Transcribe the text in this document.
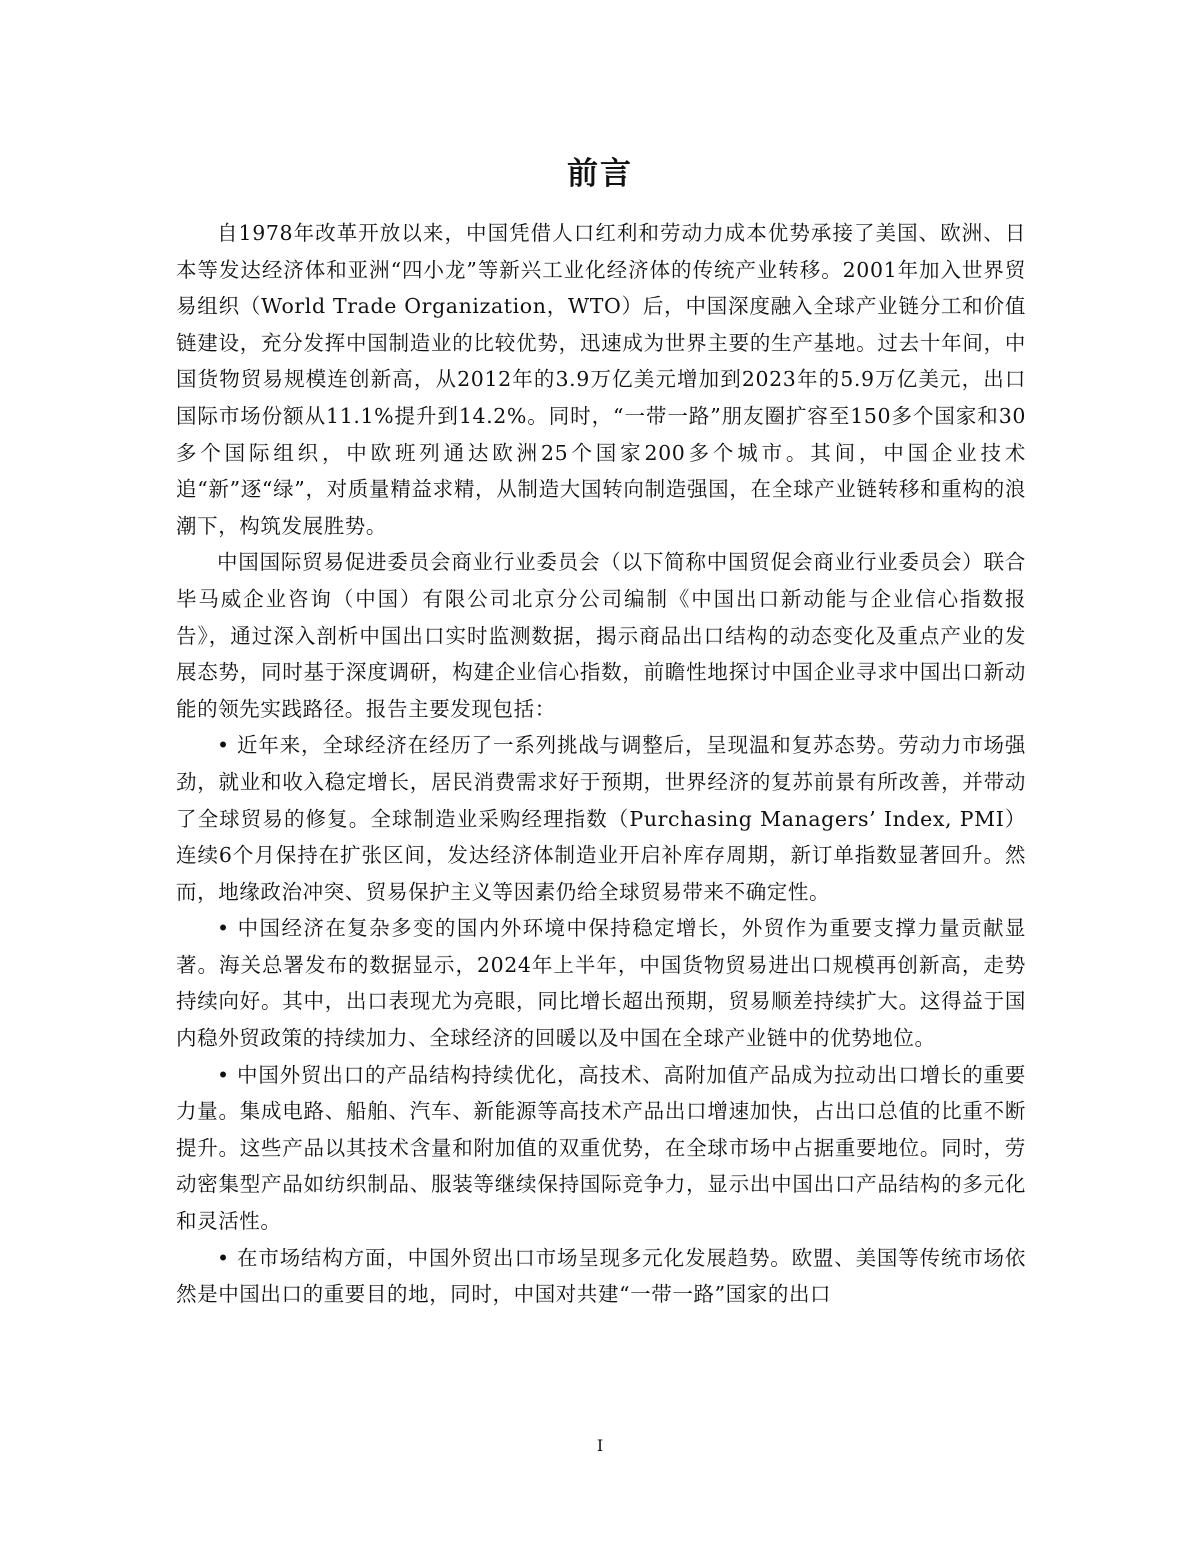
前言

自1978年改革开放以来，中国凭借人口红利和劳动力成本优势承接了美国、欧洲、日本等发达经济体和亚洲“四小龙”等新兴工业化经济体的传统产业转移。2001年加入世界贸易组织（World Trade Organization，WTO）后，中国深度融入全球产业链分工和价值链建设，充分发挥中国制造业的比较优势，迅速成为世界主要的生产基地。过去十年间，中国货物贸易规模连创新高，从2012年的3.9万亿美元增加到2023年的5.9万亿美元，出口国际市场份额从11.1%提升到14.2%。同时，“一带一路”朋友圈扩容至150多个国家和30多个国际组织，中欧班列通达欧洲25个国家200多个城市。其间，中国企业技术追“新”逐“绿”，对质量精益求精，从制造大国转向制造强国，在全球产业链转移和重构的浪潮下，构筑发展胜势。

中国国际贸易促进委员会商业行业委员会（以下简称中国贸促会商业行业委员会）联合毕马威企业咨询（中国）有限公司北京分公司编制《中国出口新动能与企业信心指数报告》，通过深入剖析中国出口实时监测数据，揭示商品出口结构的动态变化及重点产业的发展态势，同时基于深度调研，构建企业信心指数，前瞻性地探讨中国企业寻求中国出口新动能的领先实践路径。报告主要发现包括：

• 近年来，全球经济在经历了一系列挑战与调整后，呈现温和复苏态势。劳动力市场强劲，就业和收入稳定增长，居民消费需求好于预期，世界经济的复苏前景有所改善，并带动了全球贸易的修复。全球制造业采购经理指数（Purchasing Managers’ Index, PMI）连续6个月保持在扩张区间，发达经济体制造业开启补库存周期，新订单指数显著回升。然而，地缘政治冲突、贸易保护主义等因素仍给全球贸易带来不确定性。

• 中国经济在复杂多变的国内外环境中保持稳定增长，外贸作为重要支撑力量贡献显著。海关总署发布的数据显示，2024年上半年，中国货物贸易进出口规模再创新高，走势持续向好。其中，出口表现尤为亮眼，同比增长超出预期，贸易顺差持续扩大。这得益于国内稳外贸政策的持续加力、全球经济的回暖以及中国在全球产业链中的优势地位。

• 中国外贸出口的产品结构持续优化，高技术、高附加值产品成为拉动出口增长的重要力量。集成电路、船舶、汽车、新能源等高技术产品出口增速加快，占出口总值的比重不断提升。这些产品以其技术含量和附加值的双重优势，在全球市场中占据重要地位。同时，劳动密集型产品如纺织制品、服装等继续保持国际竞争力，显示出中国出口产品结构的多元化和灵活性。

• 在市场结构方面，中国外贸出口市场呈现多元化发展趋势。欧盟、美国等传统市场依然是中国出口的重要目的地，同时，中国对共建“一带一路”国家的出口

I
